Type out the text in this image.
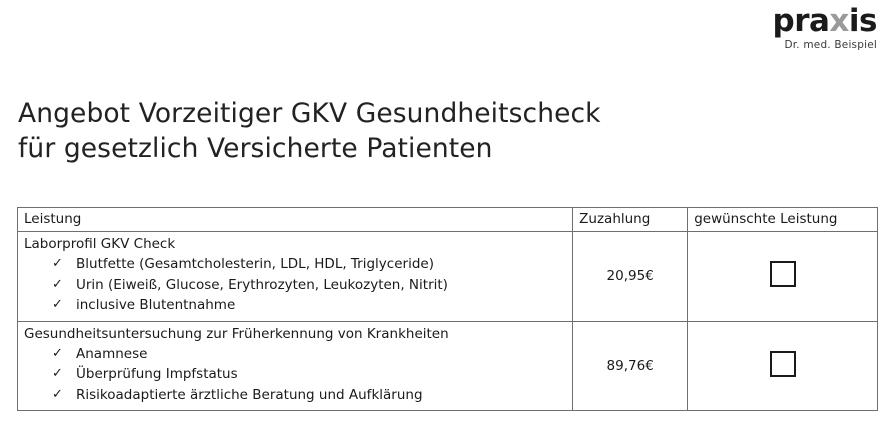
praxis
Dr. med. Beispiel
Angebot Vorzeitiger GKV Gesundheitscheck
für gesetzlich Versicherte Patienten
Leistung	Zuzahlung	gewünschte Leistung

Laborprofil GKV Check
✓ Blutfette (Gesamtcholesterin, LDL, HDL, Triglyceride)
✓ Urin (Eiweiß, Glucose, Erythrozyten, Leukozyten, Nitrit)
✓ inclusive Blutentnahme
	20,95€	

Gesundheitsuntersuchung zur Früherkennung von Krankheiten
✓ Anamnese
✓ Überprüfung Impfstatus
✓ Risikoadaptierte ärztliche Beratung und Aufklärung
	89,76€	
